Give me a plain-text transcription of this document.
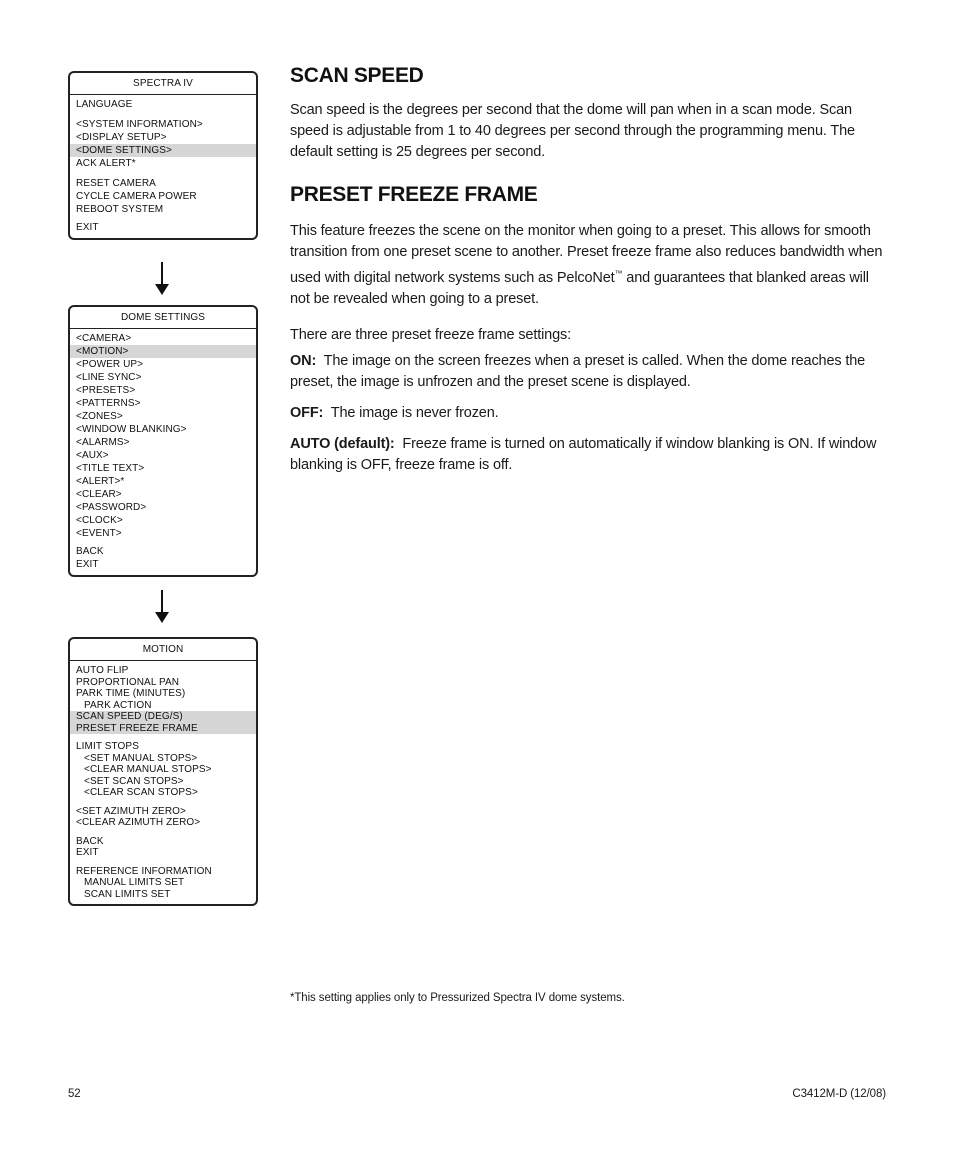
SPECTRA IV
LANGUAGE
<SYSTEM INFORMATION>
<DISPLAY SETUP>
<DOME SETTINGS>
ACK ALERT*
RESET CAMERA
CYCLE CAMERA POWER
REBOOT SYSTEM
EXIT
DOME SETTINGS
<CAMERA>
<MOTION>
<POWER UP>
<LINE SYNC>
<PRESETS>
<PATTERNS>
<ZONES>
<WINDOW BLANKING>
<ALARMS>
<AUX>
<TITLE TEXT>
<ALERT>*
<CLEAR>
<PASSWORD>
<CLOCK>
<EVENT>
BACK
EXIT
MOTION
AUTO FLIP
PROPORTIONAL PAN
PARK TIME (MINUTES)
PARK ACTION
SCAN SPEED (DEG/S)
PRESET FREEZE FRAME
LIMIT STOPS
<SET MANUAL STOPS>
<CLEAR MANUAL STOPS>
<SET SCAN STOPS>
<CLEAR SCAN STOPS>
<SET AZIMUTH ZERO>
<CLEAR AZIMUTH ZERO>
BACK
EXIT
REFERENCE INFORMATION
MANUAL LIMITS SET
SCAN LIMITS SET
SCAN SPEED

Scan speed is the degrees per second that the dome will pan when in a scan mode. Scan speed is adjustable from 1 to 40 degrees per second through the programming menu. The default setting is 25 degrees per second.

PRESET FREEZE FRAME

This feature freezes the scene on the monitor when going to a preset. This allows for smooth transition from one preset scene to another. Preset freeze frame also reduces bandwidth when used with digital network systems such as PelcoNet™ and guarantees that blanked areas will not be revealed when going to a preset.

There are three preset freeze frame settings:

ON: The image on the screen freezes when a preset is called. When the dome reaches the preset, the image is unfrozen and the preset scene is displayed.

OFF: The image is never frozen.

AUTO (default): Freeze frame is turned on automatically if window blanking is ON. If window blanking is OFF, freeze frame is off.

*This setting applies only to Pressurized Spectra IV dome systems.
52	C3412M-D (12/08)
